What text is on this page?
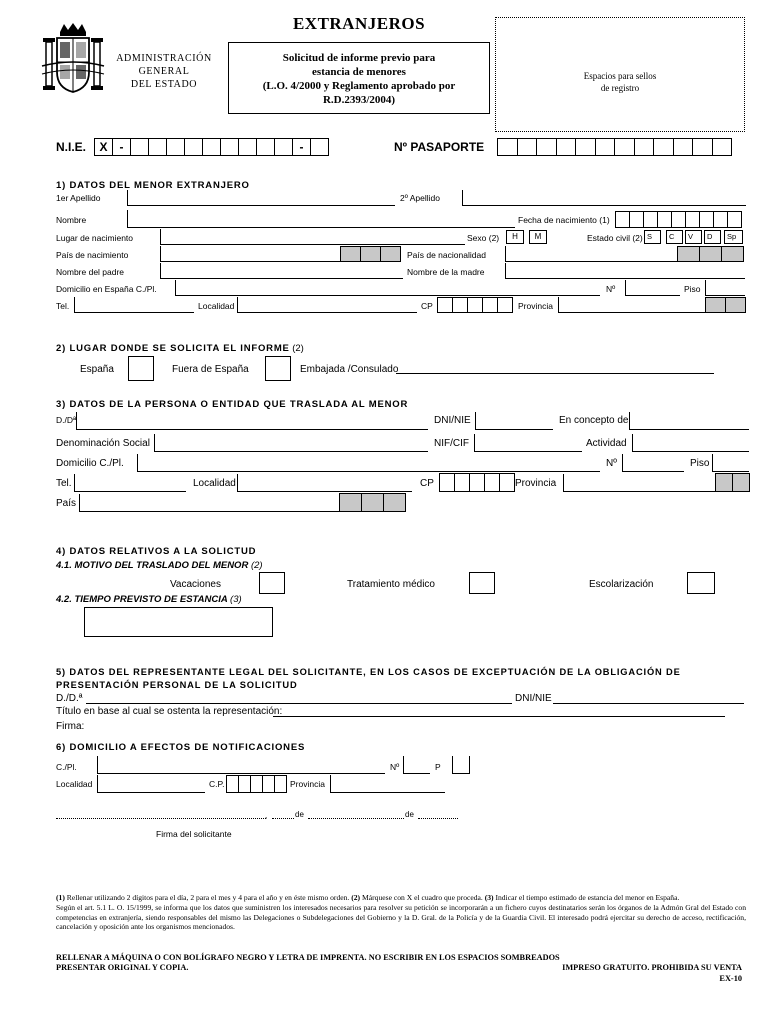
ADMINISTRACIÓN
GENERAL
DEL ESTADO
EXTRANJEROS
Solicitud de informe previo para
estancia de menores
(L.O. 4/2000 y Reglamento aprobado por
R.D.2393/2004)
Espacios para sellos
de registro
N.I.E.	X	-	-	Nº PASAPORTE
1) DATOS DEL MENOR EXTRANJERO
1er Apellido	2º Apellido
Nombre	Fecha de nacimiento (1)
Lugar de nacimiento	Sexo (2)	H	M	Estado civil (2) S	C	V	D	Sp
País de nacimiento	País de nacionalidad
Nombre del padre	Nombre de la madre
Domicilio en España C./Pl.	Nº	Piso
Tel.	Localidad	CP	Provincia
2) LUGAR DONDE SE SOLICITA EL INFORME (2)
España	Fuera de España	Embajada /Consulado
3) DATOS DE LA PERSONA O ENTIDAD QUE TRASLADA AL MENOR
D./Dª	DNI/NIE	En concepto de
Denominación Social	NIF/CIF	Actividad
Domicilio C./Pl.	Nº	Piso
Tel.	Localidad	CP	Provincia
País
4) DATOS RELATIVOS A LA SOLICTUD
4.1. MOTIVO DEL TRASLADO DEL MENOR (2)
Vacaciones	Tratamiento médico	Escolarización
4.2. TIEMPO PREVISTO DE ESTANCIA (3)
5) DATOS DEL REPRESENTANTE LEGAL DEL SOLICITANTE, EN LOS CASOS DE EXCEPTUACIÓN DE LA OBLIGACIÓN DE
PRESENTACIÓN PERSONAL DE LA SOLICITUD
D./D.ª	DNI/NIE
Título en base al cual se ostenta la representación:
Firma:
6) DOMICILIO A EFECTOS DE NOTIFICACIONES
C./Pl.	Nº	P
Localidad	C.P.	Provincia
,	de	de
Firma del solicitante
(1) Rellenar utilizando 2 dígitos para el día, 2 para el mes y 4 para el año y en éste mismo orden. (2) Márquese con X el cuadro que proceda. (3) Indicar el tiempo estimado de estancia del menor en España.
Según el art. 5.1 L. O. 15/1999, se informa que los datos que suministren los interesados necesarios para resolver su petición se incorporarán a un fichero cuyos destinatarios serán los órganos de la Admón Gral del Estado con competencias en extranjería, siendo responsables del mismo las Delegaciones o Subdelegaciones del Gobierno y la D. Gral. de la Policía y de la Guardia Civil. El interesado podrá ejercitar su derecho de acceso, rectificación, cancelación y oposición ante los organismos mencionados.
RELLENAR A MÁQUINA O CON BOLÍGRAFO NEGRO Y LETRA DE IMPRENTA. NO ESCRIBIR EN LOS ESPACIOS SOMBREADOS
PRESENTAR ORIGINAL Y COPIA.	IMPRESO GRATUITO. PROHIBIDA SU VENTA
EX-10
